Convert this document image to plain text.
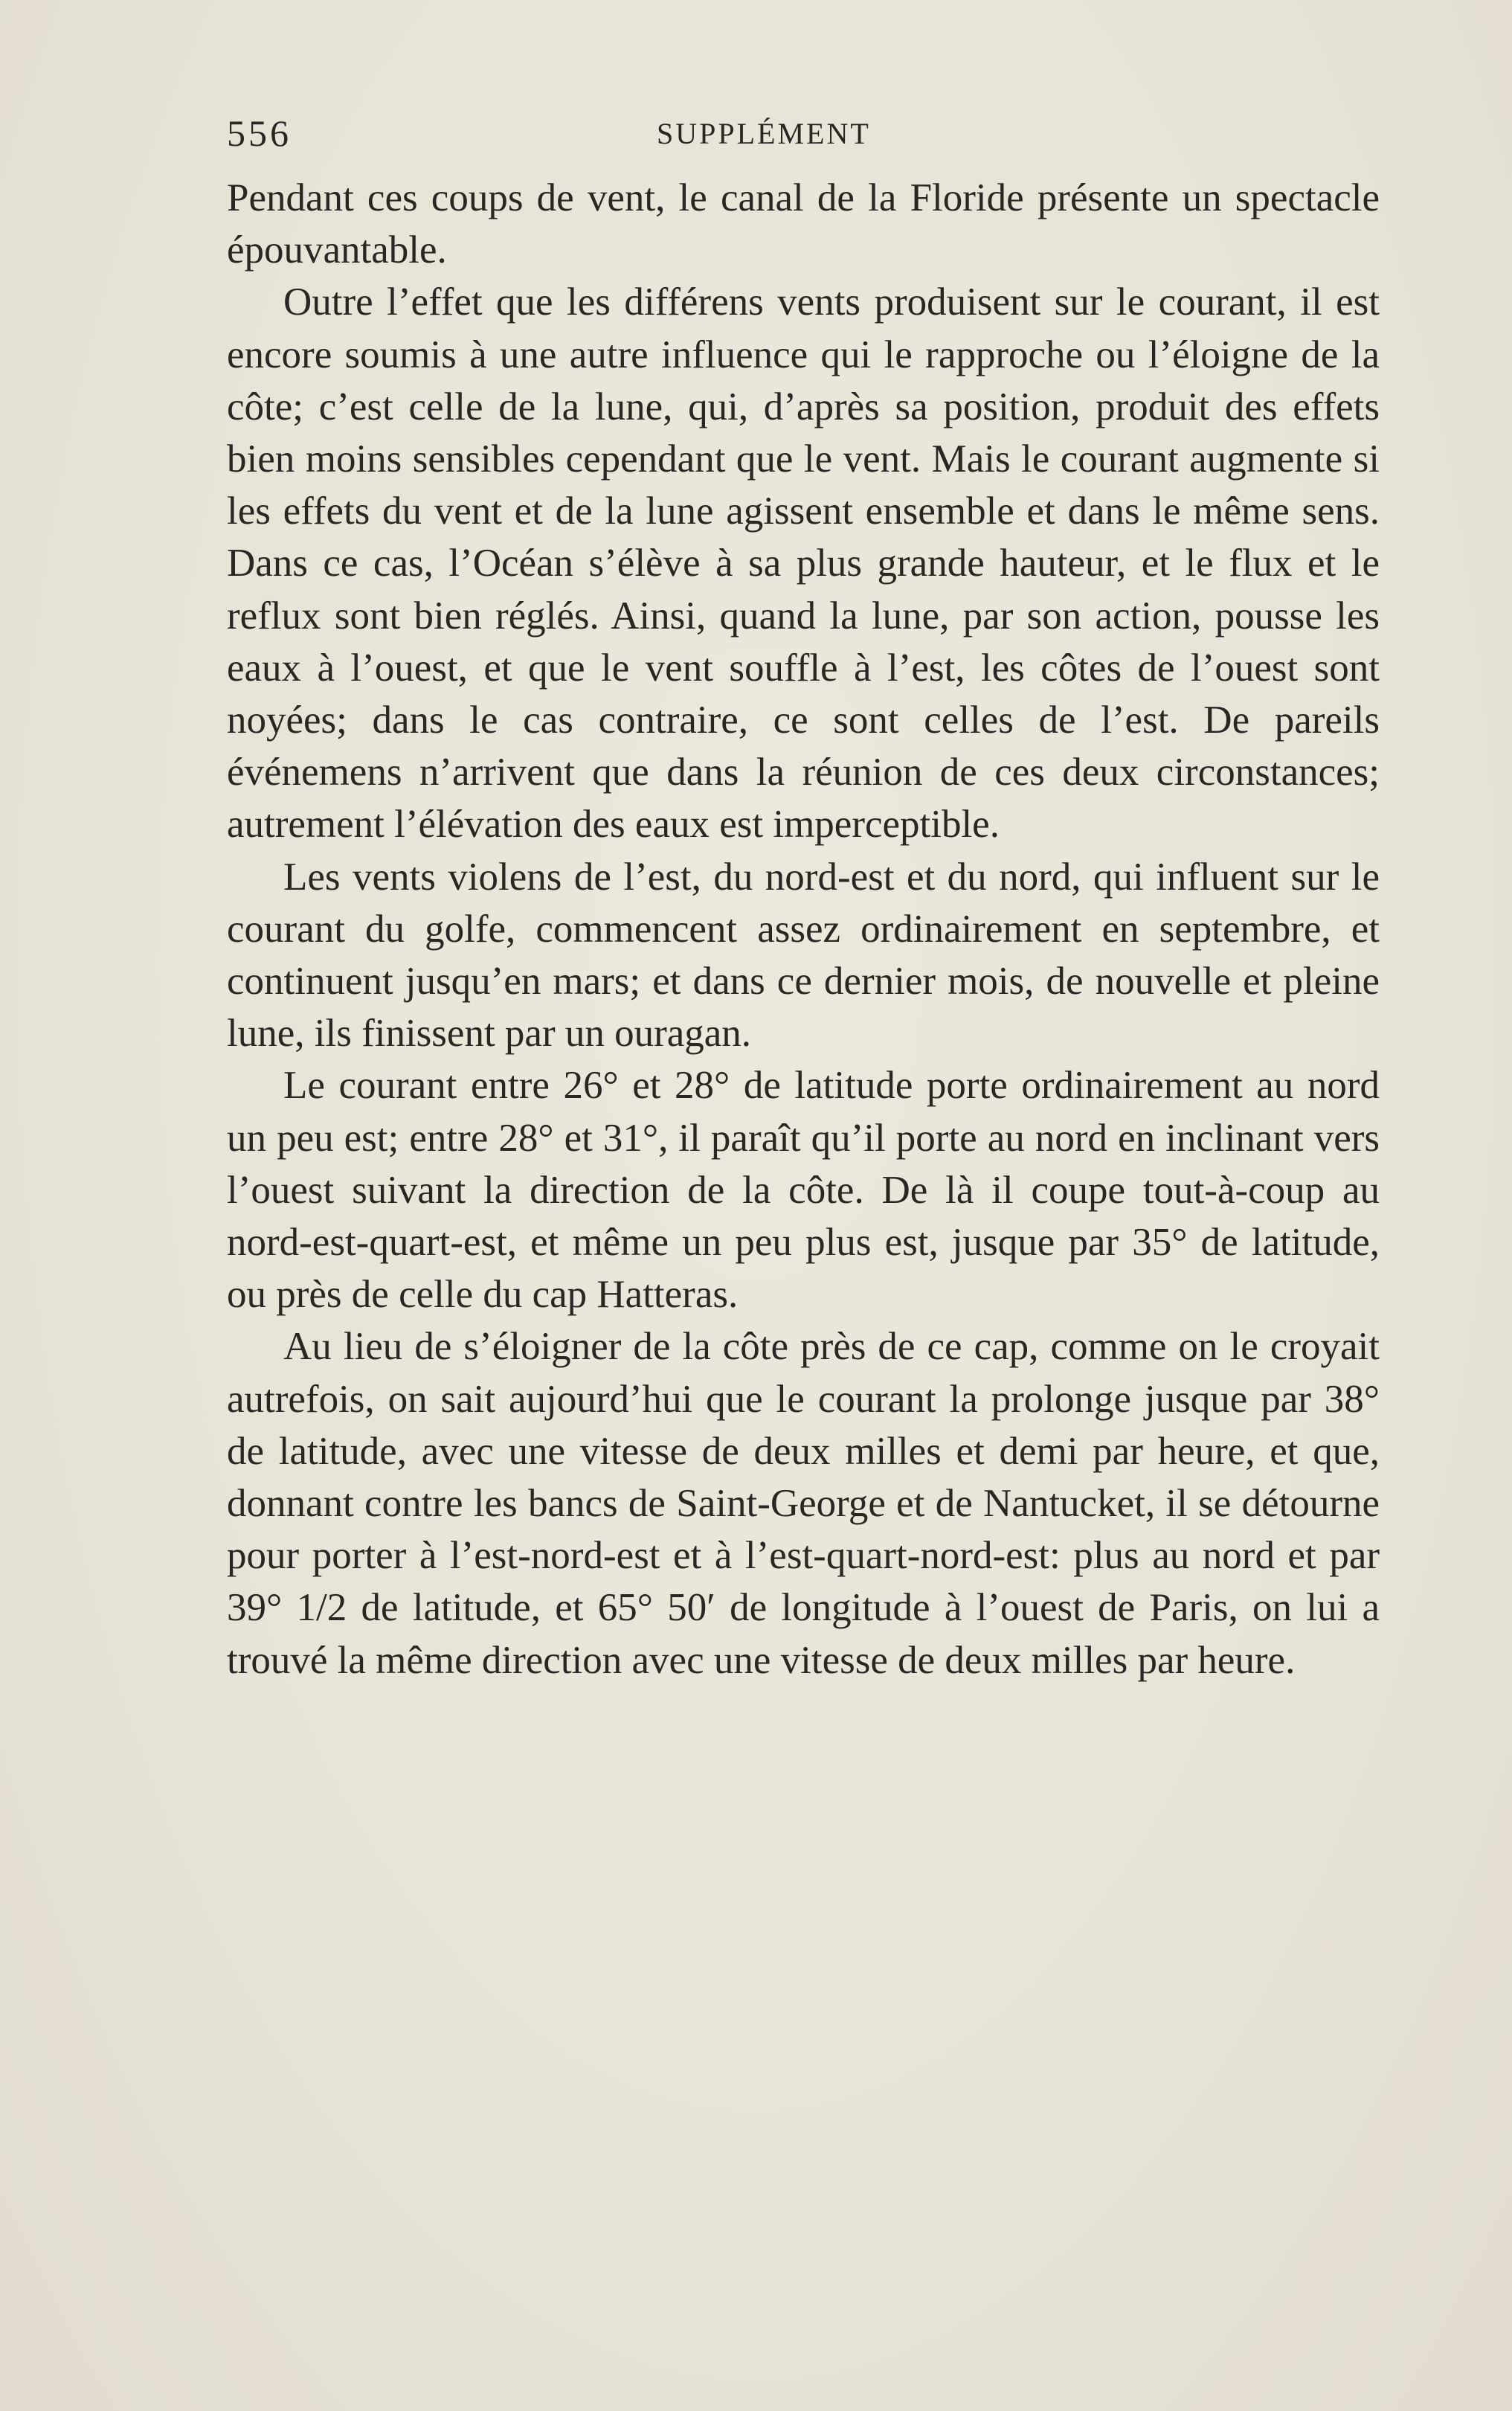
556	SUPPLÉMENT

Pendant ces coups de vent, le canal de la Floride présente un spectacle épouvantable.

Outre l’effet que les différens vents produisent sur le courant, il est encore soumis à une autre influence qui le rapproche ou l’éloigne de la côte; c’est celle de la lune, qui, d’après sa position, produit des effets bien moins sensibles cependant que le vent. Mais le courant augmente si les effets du vent et de la lune agissent ensemble et dans le même sens. Dans ce cas, l’Océan s’élève à sa plus grande hauteur, et le flux et le reflux sont bien réglés. Ainsi, quand la lune, par son action, pousse les eaux à l’ouest, et que le vent souffle à l’est, les côtes de l’ouest sont noyées; dans le cas contraire, ce sont celles de l’est. De pareils événemens n’arrivent que dans la réunion de ces deux circonstances; autrement l’élévation des eaux est imperceptible.

Les vents violens de l’est, du nord-est et du nord, qui influent sur le courant du golfe, commencent assez ordinairement en septembre, et continuent jusqu’en mars; et dans ce dernier mois, de nouvelle et pleine lune, ils finissent par un ouragan.

Le courant entre 26° et 28° de latitude porte ordinairement au nord un peu est; entre 28° et 31°, il paraît qu’il porte au nord en inclinant vers l’ouest suivant la direction de la côte. De là il coupe tout-à-coup au nord-est-quart-est, et même un peu plus est, jusque par 35° de latitude, ou près de celle du cap Hatteras.

Au lieu de s’éloigner de la côte près de ce cap, comme on le croyait autrefois, on sait aujourd’hui que le courant la prolonge jusque par 38° de latitude, avec une vitesse de deux milles et demi par heure, et que, donnant contre les bancs de Saint-George et de Nantucket, il se détourne pour porter à l’est-nord-est et à l’est-quart-nord-est: plus au nord et par 39° 1/2 de latitude, et 65° 50′ de longitude à l’ouest de Paris, on lui a trouvé la même direction avec une vitesse de deux milles par heure.
